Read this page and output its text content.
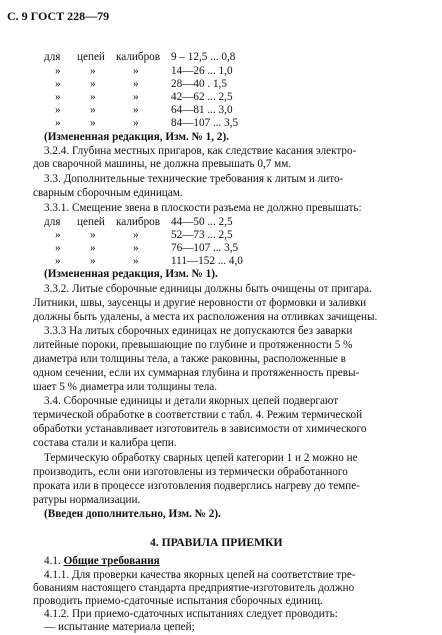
С. 9 ГОСТ 228—79
для цепей калибров 9 – 12,5 ... 0,8
»	»	»	14—26 ... 1,0
»	»	»	28—40 . 1,5
»	»	»	42—62 ... 2,5
»	»	»	64—81 ... 3,0
»	»	»	84—107 ... 3,5
(Измененная редакция, Изм. № 1, 2).
3.2.4. Глубина местных пригаров, как следствие касания электро-
дов сварочной машины, не должна превышать 0,7 мм.
3.3. Дополнительные технические требования к литым и лито-
сварным сборочным единицам.
3.3.1. Смещение звена в плоскости разъема не должно превышать:
для цепей калибров 44—50 ... 2,5
»	»	»	52—73 ... 2,5
»	»	»	76—107 ... 3,5
»	»	»	111—152 ... 4,0
(Измененная редакция, Изм. № 1).
3.3.2. Литые сборочные единицы должны быть очищены от пригара.
Литники, швы, заусенцы и другие неровности от формовки и заливки
должны быть удалены, а места их расположения на отливках зачищены.
3.3.3 На литых сборочных единицах не допускаются без заварки
литейные пороки, превышающие по глубине и протяженности 5 %
диаметра или толщины тела, а также раковины, расположенные в
одном сечении, если их суммарная глубина и протяженность превы-
шает 5 % диаметра или толщины тела.
3.4. Сборочные единицы и детали якорных цепей подвергают
термической обработке в соответствии с табл. 4. Режим термической
обработки устанавливает изготовитель в зависимости от химического
состава стали и калибра цепи.
Термическую обработку сварных цепей категории 1 и 2 можно не
производить, если они изготовлены из термически обработанного
проката или в процессе изготовления подверглись нагреву до темпе-
ратуры нормализации.
(Введен дополнительно, Изм. № 2).
4. ПРАВИЛА ПРИЕМКИ
4.1. Общие требования
4.1.1. Для проверки качества якорных цепей на соответствие тре-
бованиям настоящего стандарта предприятие-изготовитель должно
проводить приемо-сдаточные испытания сборочных единиц.
4.1.2. При приемо-сдаточных испытаниях следует проводить:
— испытание материала цепей;
